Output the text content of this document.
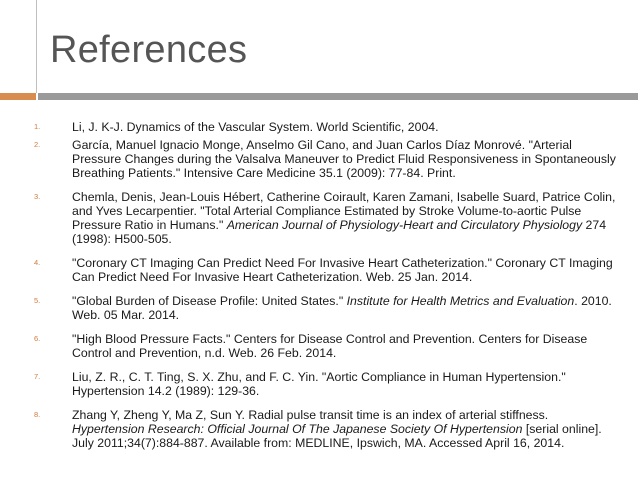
References
1.	Li, J. K-J. Dynamics of the Vascular System. World Scientific, 2004.
2.	García, Manuel Ignacio Monge, Anselmo Gil Cano, and Juan Carlos Díaz Monrové. "Arterial Pressure Changes during the Valsalva Maneuver to Predict Fluid Responsiveness in Spontaneously Breathing Patients." Intensive Care Medicine 35.1 (2009): 77-84. Print.
3.	Chemla, Denis, Jean-Louis Hébert, Catherine Coirault, Karen Zamani, Isabelle Suard, Patrice Colin, and Yves Lecarpentier. "Total Arterial Compliance Estimated by Stroke Volume-to-aortic Pulse Pressure Ratio in Humans." American Journal of Physiology-Heart and Circulatory Physiology 274 (1998): H500-505.
4.	"Coronary CT Imaging Can Predict Need For Invasive Heart Catheterization." Coronary CT Imaging Can Predict Need For Invasive Heart Catheterization. Web. 25 Jan. 2014.
5.	"Global Burden of Disease Profile: United States." Institute for Health Metrics and Evaluation. 2010. Web. 05 Mar. 2014.
6.	"High Blood Pressure Facts." Centers for Disease Control and Prevention. Centers for Disease Control and Prevention, n.d. Web. 26 Feb. 2014.
7.	Liu, Z. R., C. T. Ting, S. X. Zhu, and F. C. Yin. "Aortic Compliance in Human Hypertension." Hypertension 14.2 (1989): 129-36.
8.	Zhang Y, Zheng Y, Ma Z, Sun Y. Radial pulse transit time is an index of arterial stiffness. Hypertension Research: Official Journal Of The Japanese Society Of Hypertension [serial online]. July 2011;34(7):884-887. Available from: MEDLINE, Ipswich, MA. Accessed April 16, 2014.
